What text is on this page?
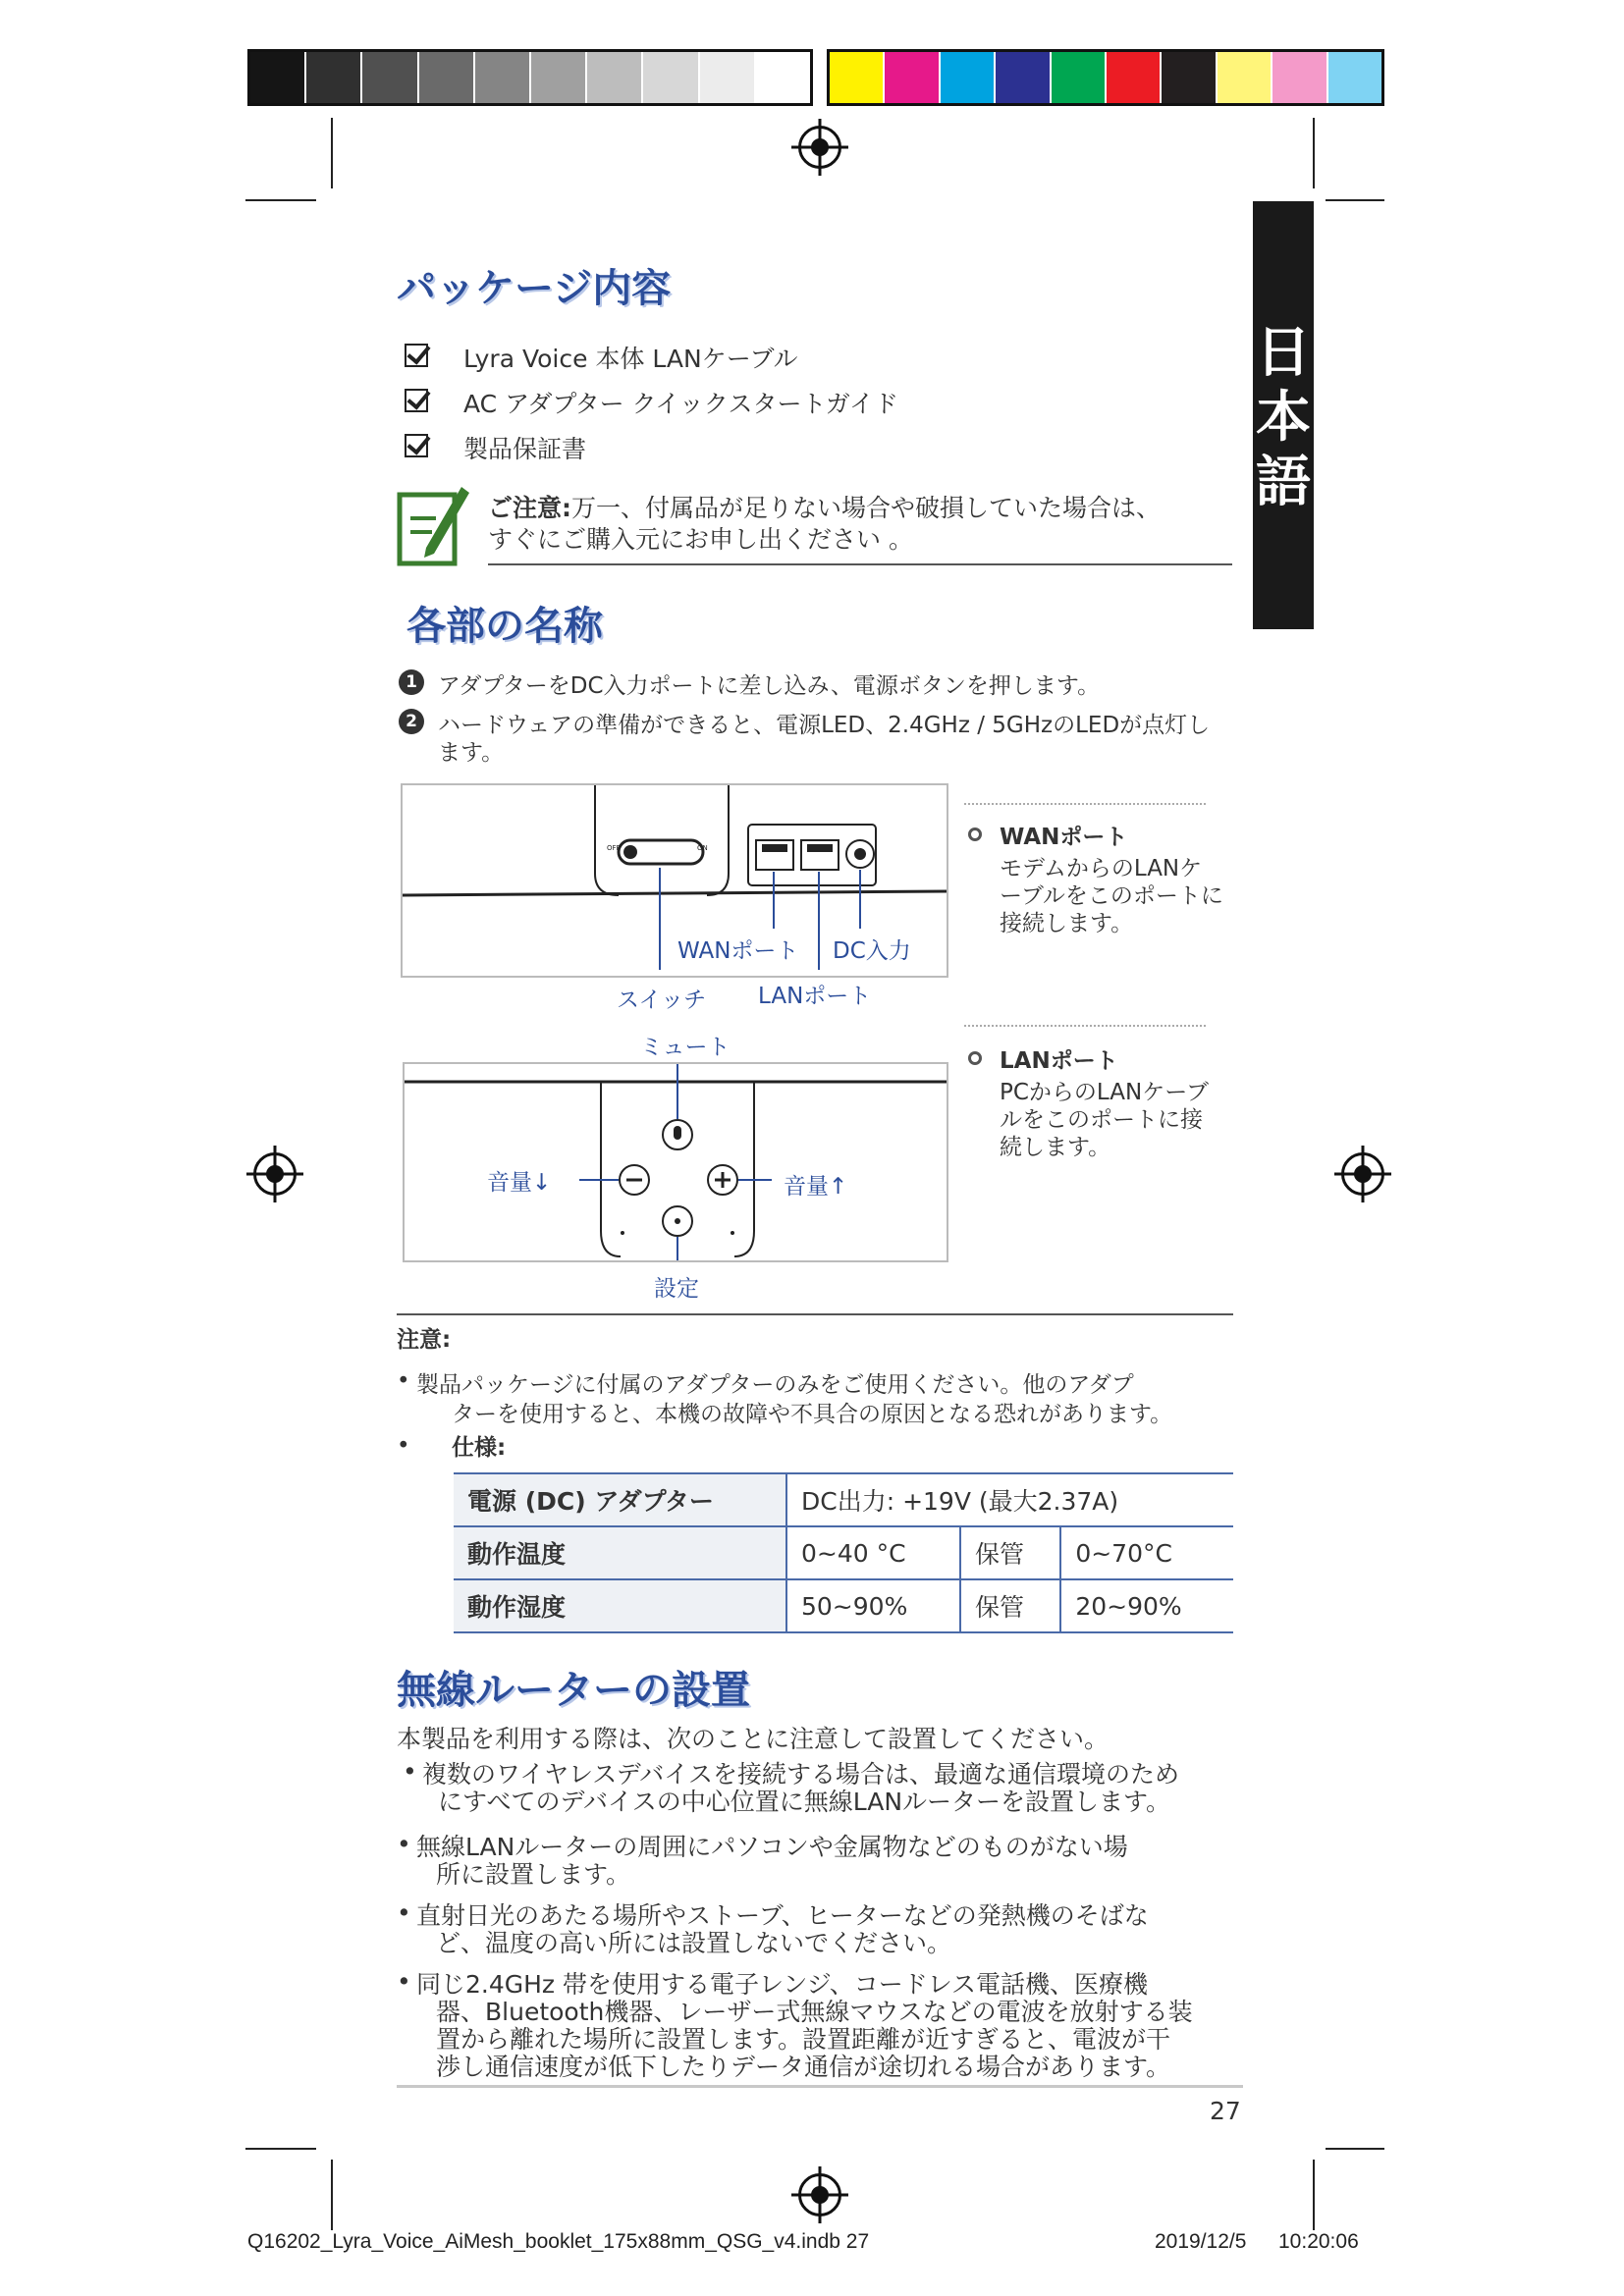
日
本
語
パッケージ内容
Lyra Voice 本体 LANケーブル
AC アダプター クイックスタートガイド
製品保証書
ご注意:万一、付属品が足りない場合や破損していた場合は、
すぐにご購入元にお申し出ください 。
各部の名称
1 アダプターをDC入力ポートに差し込み、電源ボタンを押します。
2 ハードウェアの準備ができると、電源LED、2.4GHz / 5GHzのLEDが点灯し
ます。
OFF	ON
WANポート DC入力
スイッチ LANポート
ミュート
音量↓	音量↑
設定
WANポート
モデムからのLANケ
ーブルをこのポートに
接続します。
LANポート
PCからのLANケーブ
ルをこのポートに接
続します。
注意:
• 製品パッケージに付属のアダプターのみをご使用ください。他のアダプ
ターを使用すると、本機の故障や不具合の原因となる恐れがあります。
• 仕様:
電源 (DC) アダプター	DC出力: +19V (最大2.37A)		
動作温度	0~40 °C	保管	0~70°C
動作湿度	50~90%	保管	20~90%
無線ルーターの設置
本製品を利用する際は、次のことに注意して設置してください。
• 複数のワイヤレスデバイスを接続する場合は、最適な通信環境のため
にすべてのデバイスの中心位置に無線LANルーターを設置します。
• 無線LANルーターの周囲にパソコンや金属物などのものがない場
所に設置します。
• 直射日光のあたる場所やストーブ、ヒーターなどの発熱機のそばな
ど、温度の高い所には設置しないでください。
• 同じ2.4GHz 帯を使用する電子レンジ、コードレス電話機、医療機
器、Bluetooth機器、レーザー式無線マウスなどの電波を放射する装
置から離れた場所に設置します。設置距離が近すぎると、電波が干
渉し通信速度が低下したりデータ通信が途切れる場合があります。
27
Q16202_Lyra_Voice_AiMesh_booklet_175x88mm_QSG_v4.indb 27	2019/12/5 10:20:06
